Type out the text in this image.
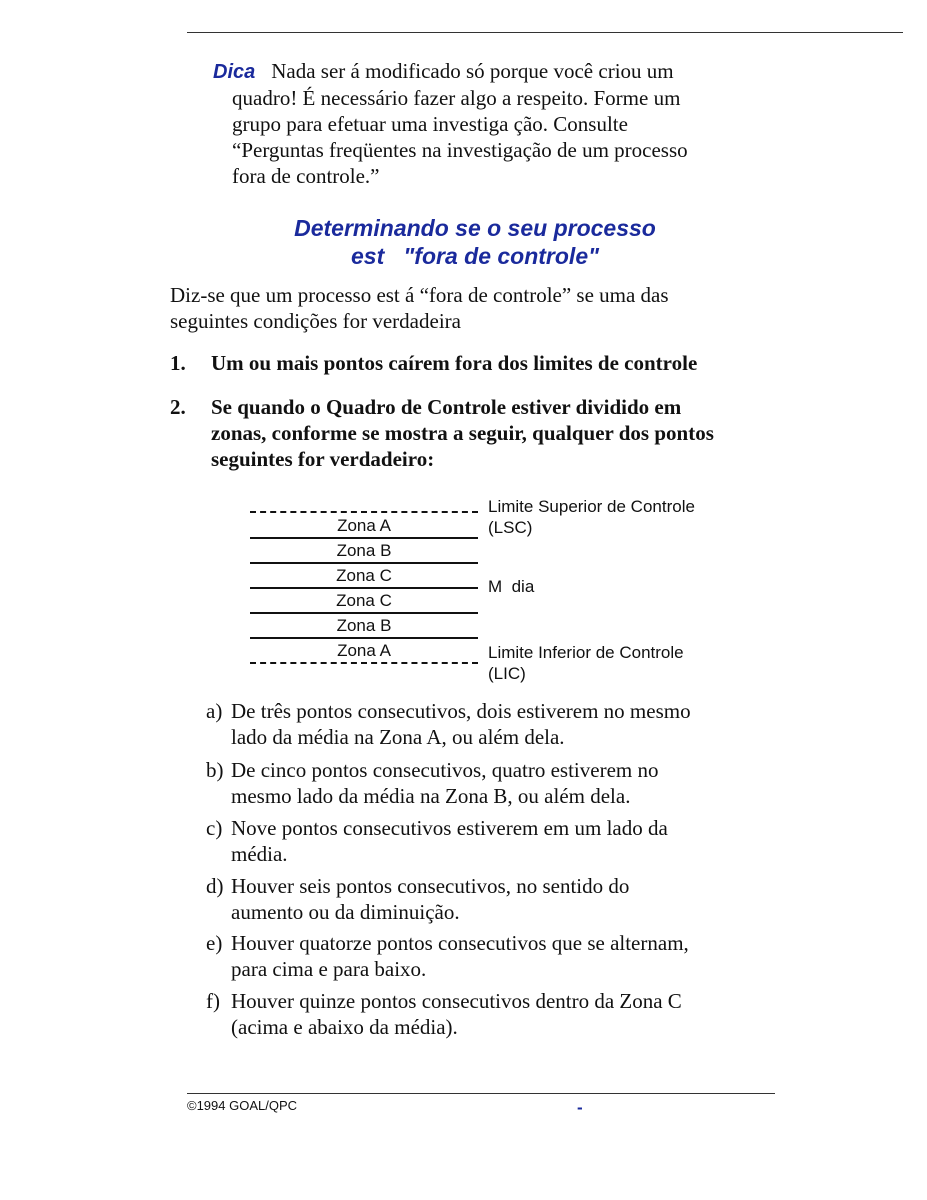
Dica Nada ser á modificado só porque você criou um
quadro! É necessário fazer algo a respeito. Forme um
grupo para efetuar uma investiga ção. Consulte
“Perguntas freqüentes na investigação de um processo
fora de controle.”
Determinando se o seu processo
est   "fora de controle"
Diz-se que um processo est á “fora de controle” se uma das
seguintes condições for verdadeira
1.	Um ou mais pontos caírem fora dos limites de controle
2.	Se quando o Quadro de Controle estiver dividido em
zonas, conforme se mostra a seguir, qualquer dos pontos
seguintes for verdadeiro:
Zona A
Zona B
Zona C
Zona C
Zona B
Zona A
Limite Superior de Controle
(LSC)
M  dia
Limite Inferior de Controle
(LIC)
a) De três pontos consecutivos, dois estiverem no mesmo
lado da média na Zona A, ou além dela.
b) De cinco pontos consecutivos, quatro estiverem no
mesmo lado da média na Zona B, ou além dela.
c) Nove pontos consecutivos estiverem em um lado da
média.
d) Houver seis pontos consecutivos, no sentido do
aumento ou da diminuição.
e) Houver quatorze pontos consecutivos que se alternam,
para cima e para baixo.
f) Houver quinze pontos consecutivos dentro da Zona C
(acima e abaixo da média).
©1994 GOAL/QPC	-
